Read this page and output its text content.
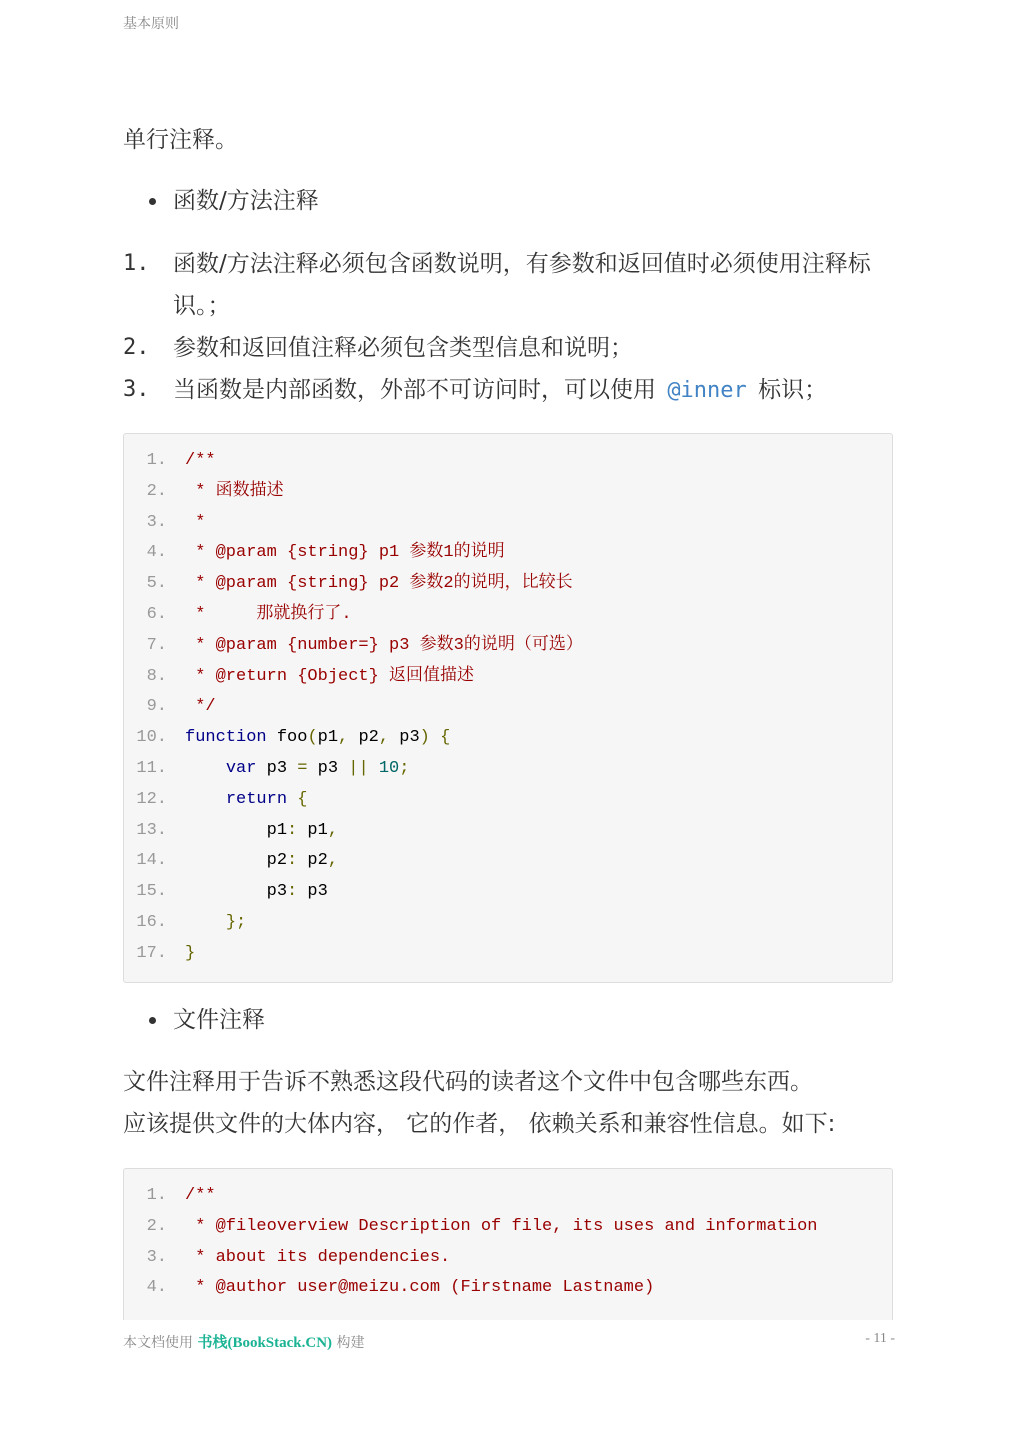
基本原则
单行注释。
函数/方法注释
1. 函数/方法注释必须包含函数说明，有参数和返回值时必须使用注释标识。；
2. 参数和返回值注释必须包含类型信息和说明；
3. 当函数是内部函数，外部不可访问时，可以使用 @inner 标识；
1. /**
2. * 函数描述
3. *
4. * @param {string} p1 参数1的说明
5. * @param {string} p2 参数2的说明，比较长
6. *     那就换行了.
7. * @param {number=} p3 参数3的说明（可选）
8. * @return {Object} 返回值描述
9. */
10. function foo(p1, p2, p3) {
11.	var p3 = p3 || 10;
12.	return {
13. p1: p1,
14. p2: p2,
15. p3: p3
16.	};
17. }
文件注释
文件注释用于告诉不熟悉这段代码的读者这个文件中包含哪些东西。
应该提供文件的大体内容， 它的作者， 依赖关系和兼容性信息。如下:
1. /**
2. * @fileoverview Description of file, its uses and information
3. * about its dependencies.
4. * @author user@meizu.com (Firstname Lastname)
本文档使用 书栈(BookStack.CN) 构建	- 11 -
